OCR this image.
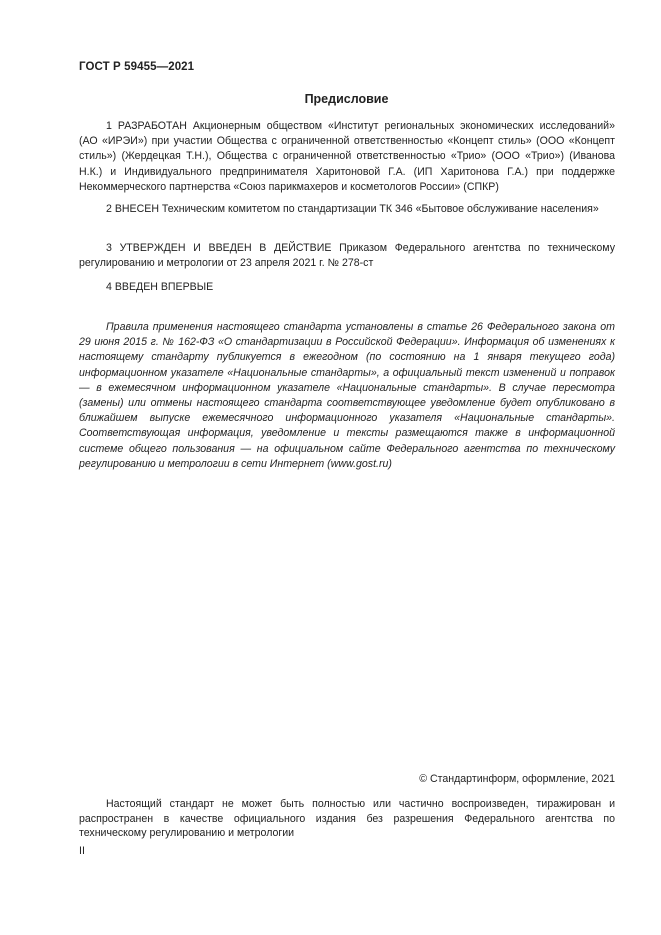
ГОСТ Р 59455—2021
Предисловие

1 РАЗРАБОТАН Акционерным обществом «Институт региональных экономических исследований» (АО «ИРЭИ») при участии Общества с ограниченной ответственностью «Концепт стиль» (ООО «Концепт стиль») (Жердецкая Т.Н.), Общества с ограниченной ответственностью «Трио» (ООО «Трио») (Иванова Н.К.) и Индивидуального предпринимателя Харитоновой Г.А. (ИП Харитонова Г.А.) при поддержке Некоммерческого партнерства «Союз парикмахеров и косметологов России» (СПКР)

2 ВНЕСЕН Техническим комитетом по стандартизации ТК 346 «Бытовое обслуживание населения»

3 УТВЕРЖДЕН И ВВЕДЕН В ДЕЙСТВИЕ Приказом Федерального агентства по техническому регулированию и метрологии от 23 апреля 2021 г. № 278-ст

4 ВВЕДЕН ВПЕРВЫЕ

Правила применения настоящего стандарта установлены в статье 26 Федерального закона от 29 июня 2015 г. № 162-ФЗ «О стандартизации в Российской Федерации». Информация об изменениях к настоящему стандарту публикуется в ежегодном (по состоянию на 1 января текущего года) информационном указателе «Национальные стандарты», а официальный текст изменений и поправок — в ежемесячном информационном указателе «Национальные стандарты». В случае пересмотра (замены) или отмены настоящего стандарта соответствующее уведомление будет опубликовано в ближайшем выпуске ежемесячного информационного указателя «Национальные стандарты». Соответствующая информация, уведомление и тексты размещаются также в информационной системе общего пользования — на официальном сайте Федерального агентства по техническому регулированию и метрологии в сети Интернет (www.gost.ru)

© Стандартинформ, оформление, 2021

Настоящий стандарт не может быть полностью или частично воспроизведен, тиражирован и распространен в качестве официального издания без разрешения Федерального агентства по техническому регулированию и метрологии

II
